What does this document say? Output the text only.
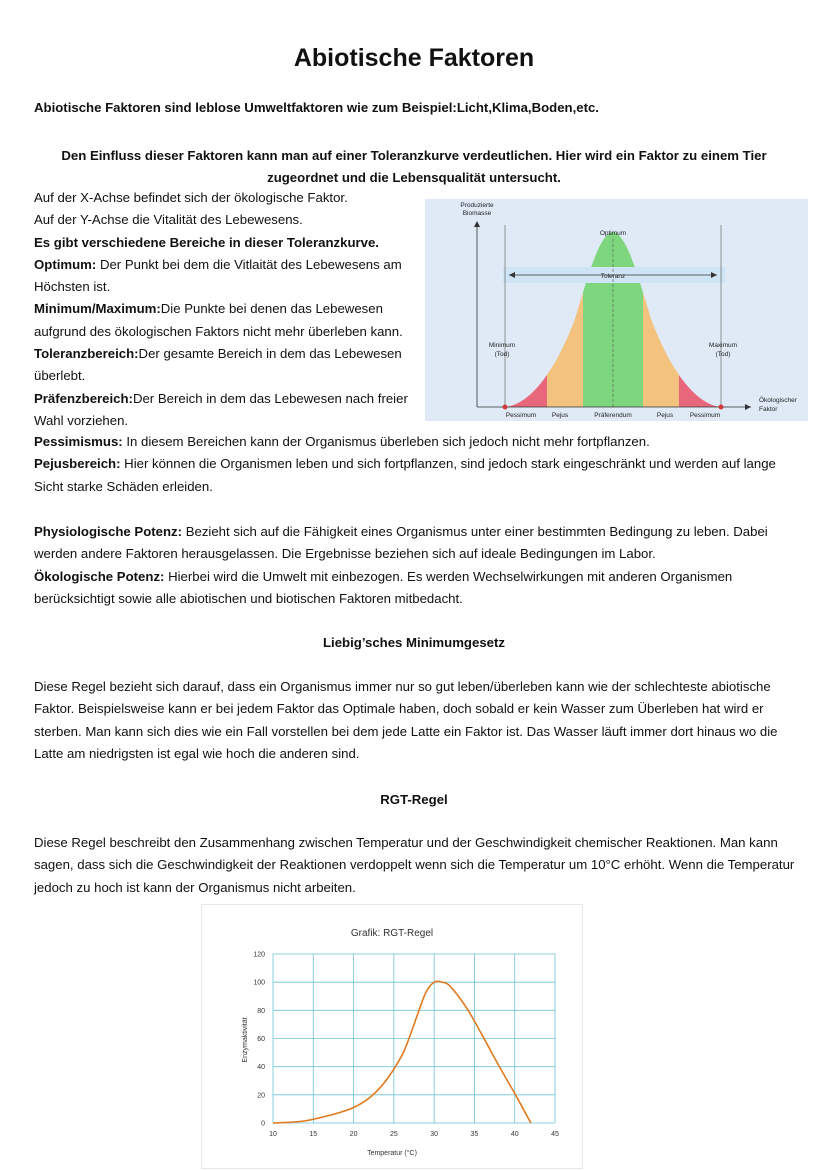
Abiotische Faktoren
Abiotische Faktoren sind leblose Umweltfaktoren wie zum Beispiel:Licht,Klima,Boden,etc.
Den Einfluss dieser Faktoren kann man auf einer Toleranzkurve verdeutlichen. Hier wird ein Faktor zu einem Tier zugeordnet und die Lebensqualität untersucht.

Auf der X-Achse befindet sich der ökologische Faktor.

Auf der Y-Achse die Vitalität des Lebewesens.

Es gibt verschiedene Bereiche in dieser Toleranzkurve.

Optimum: Der Punkt bei dem die Vitlaität des Lebewesens am Höchsten ist.

Minimum/Maximum:Die Punkte bei denen das Lebewesen aufgrund des ökologischen Faktors nicht mehr überleben kann.

Toleranzbereich:Der gesamte Bereich in dem das Lebewesen überlebt.

Präfenzbereich:Der Bereich in dem das Lebewesen nach freier Wahl vorziehen.

Toleranz
Produzierte
Biomasse
Optimum
Minimum
(Tod)
Maximum
(Tod)
Ökologischer
Faktor
Pessimum Pejus	Präferendum	Pejus	Pessimum

Pessimismus: In diesem Bereichen kann der Organismus überleben sich jedoch nicht mehr fortpflanzen.

Pejusbereich: Hier können die Organismen leben und sich fortpflanzen, sind jedoch stark eingeschränkt und werden auf lange Sicht starke Schäden erleiden.

Physiologische Potenz: Bezieht sich auf die Fähigkeit eines Organismus unter einer bestimmten Bedingung zu leben. Dabei werden andere Faktoren herausgelassen. Die Ergebnisse beziehen sich auf ideale Bedingungen im Labor.

Ökologische Potenz: Hierbei wird die Umwelt mit einbezogen. Es werden Wechselwirkungen mit anderen Organismen berücksichtigt sowie alle abiotischen und biotischen Faktoren mitbedacht.

Liebig’sches Minimumgesetz
Diese Regel bezieht sich darauf, dass ein Organismus immer nur so gut leben/überleben kann wie der schlechteste abiotische Faktor. Beispielsweise kann er bei jedem Faktor das Optimale haben, doch sobald er kein Wasser zum Überleben hat wird er sterben. Man kann sich dies wie ein Fall vorstellen bei dem jede Latte ein Faktor ist. Das Wasser läuft immer dort hinaus wo die Latte am niedrigsten ist egal wie hoch die anderen sind.
RGT-Regel
Diese Regel beschreibt den Zusammenhang zwischen Temperatur und der Geschwindigkeit chemischer Reaktionen. Man kann sagen, dass sich die Geschwindigkeit der Reaktionen verdoppelt wenn sich die Temperatur um 10°C erhöht. Wenn die Temperatur jedoch zu hoch ist kann der Organismus nicht arbeiten.
Grafik: RGT-Regel
10	15	20	25	30	35	40	45
0
20
40
60
80
100
120
Temperatur (°C)
Enzymaktivität
